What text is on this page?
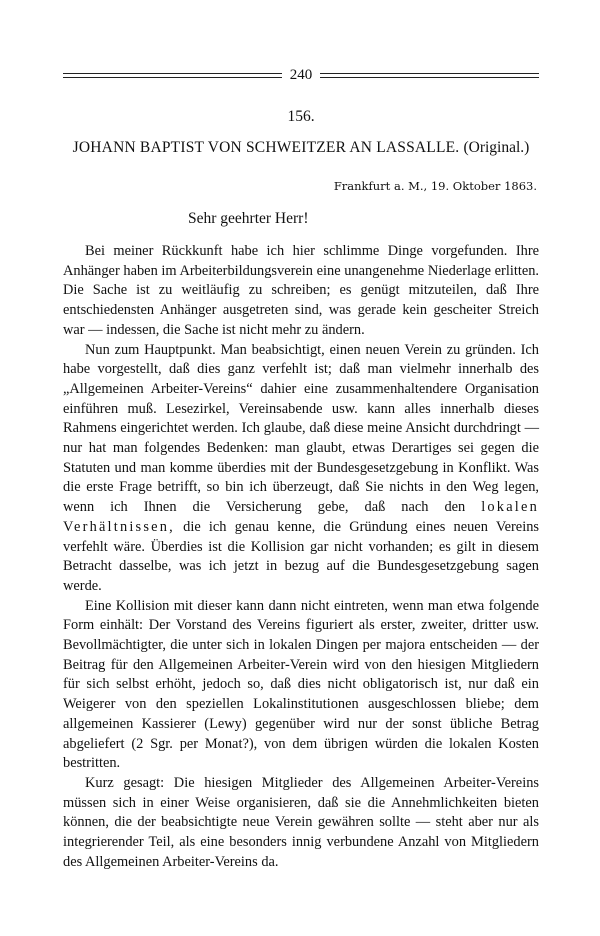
240
156.
JOHANN BAPTIST VON SCHWEITZER AN LASSALLE. (Original.)
Frankfurt a. M., 19. Oktober 1863.
Sehr geehrter Herr!

Bei meiner Rückkunft habe ich hier schlimme Dinge vorgefunden. Ihre Anhänger haben im Arbeiterbildungsverein eine unangenehme Niederlage erlitten. Die Sache ist zu weitläufig zu schreiben; es genügt mitzuteilen, daß Ihre entschiedensten Anhänger ausgetreten sind, was gerade kein gescheiter Streich war — indessen, die Sache ist nicht mehr zu ändern.

Nun zum Hauptpunkt. Man beabsichtigt, einen neuen Verein zu gründen. Ich habe vorgestellt, daß dies ganz verfehlt ist; daß man vielmehr innerhalb des „Allgemeinen Arbeiter-Vereins“ dahier eine zusammenhaltendere Organisation einführen muß. Lesezirkel, Vereinsabende usw. kann alles innerhalb dieses Rahmens eingerichtet werden. Ich glaube, daß diese meine Ansicht durchdringt — nur hat man folgendes Bedenken: man glaubt, etwas Derartiges sei gegen die Statuten und man komme überdies mit der Bundesgesetzgebung in Konflikt. Was die erste Frage betrifft, so bin ich überzeugt, daß Sie nichts in den Weg legen, wenn ich Ihnen die Versicherung gebe, daß nach den lokalen Verhältnissen, die ich genau kenne, die Gründung eines neuen Vereins verfehlt wäre. Überdies ist die Kollision gar nicht vorhanden; es gilt in diesem Betracht dasselbe, was ich jetzt in bezug auf die Bundesgesetzgebung sagen werde.

Eine Kollision mit dieser kann dann nicht eintreten, wenn man etwa folgende Form einhält: Der Vorstand des Vereins figuriert als erster, zweiter, dritter usw. Bevollmächtigter, die unter sich in lokalen Dingen per majora entscheiden — der Beitrag für den Allgemeinen Arbeiter-Verein wird von den hiesigen Mitgliedern für sich selbst erhöht, jedoch so, daß dies nicht obligatorisch ist, nur daß ein Weigerer von den speziellen Lokalinstitutionen ausgeschlossen bliebe; dem allgemeinen Kassierer (Lewy) gegenüber wird nur der sonst übliche Betrag abgeliefert (2 Sgr. per Monat?), von dem übrigen würden die lokalen Kosten bestritten.

Kurz gesagt: Die hiesigen Mitglieder des Allgemeinen Arbeiter-Vereins müssen sich in einer Weise organisieren, daß sie die Annehmlichkeiten bieten können, die der beabsichtigte neue Verein gewähren sollte — steht aber nur als integrierender Teil, als eine besonders innig verbundene Anzahl von Mitgliedern des Allgemeinen Arbeiter-Vereins da.
